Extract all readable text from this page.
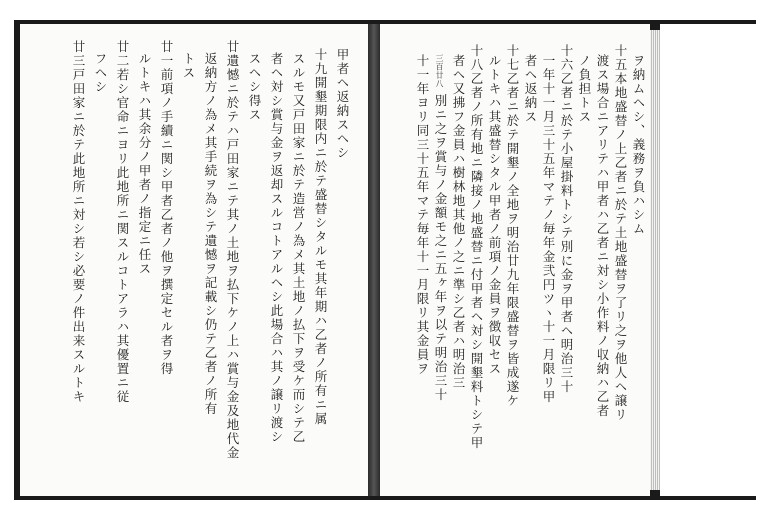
甲者ヘ返納スヘシ
十九開墾期限内ニ於テ盛替シタルモ其年期ハ乙者ノ所有ニ属
スルモ又戸田家ニ於テ造営ノ為メ其土地ノ払下ヲ受ケ而シテ乙
者ヘ対シ賞与金ヲ返却スルコトアルヘシ此場合ハ其ノ譲リ渡シ
スヘシ得ス
廿遺憾ニ於テハ戸田家ニテ其ノ土地ヲ払下ケノ上ハ賞与金及地代金
返納方ノ為メ其手続ヲ為シテ遺憾ヲ記載シ仍テ乙者ノ所有
トス
廿一前項ノ手續ニ関シ甲者乙者ノ他ヲ撰定セル者ヲ得
ルトキハ其余分ノ甲者ノ指定ニ任ス
廿二若シ官命ニヨリ此地所ニ関スルコトアラハ其優置ニ従
フヘシ
廿三戸田家ニ於テ此地所ニ対シ若シ必要ノ件出来スルトキ	三百廿八	ヲ納ムヘシ、義務ヲ負ハシム
十五本地盛替ノ上乙者ニ於テ土地盛替ヲ了リ之ヲ他人ヘ譲リ
渡ス場合ニアリテハ甲者ハ乙者ニ対シ小作料ノ収納ハ乙者
ノ負担トス
十六乙者ニ於テ小屋掛料トシテ別に金ヲ甲者ヘ明治三十
一年十一月三十五年マテノ毎年金弐円ツヽ十一月限リ甲
者ヘ返納ス
十七乙者ニ於テ開墾ノ全地ヲ明治廿九年限盛替ヲ皆成遂ケ
ルトキハ其盛替シタル甲者ノ前項ノ金員ヲ徴収セス
十八乙者ノ所有地ニ隣接ノ地盛替ニ付甲者ヘ対シ開墾料トシテ甲
者ヘ又拂フ金員ハ樹林地其他ノ之ニ準シ乙者ハ明治三
別ニ之ヲ賞与ノ金額モ之ニ五ヶ年ヲ以テ明治三十
十一年ヨリ同三十五年マテ毎年十一月限リ其金員ヲ
